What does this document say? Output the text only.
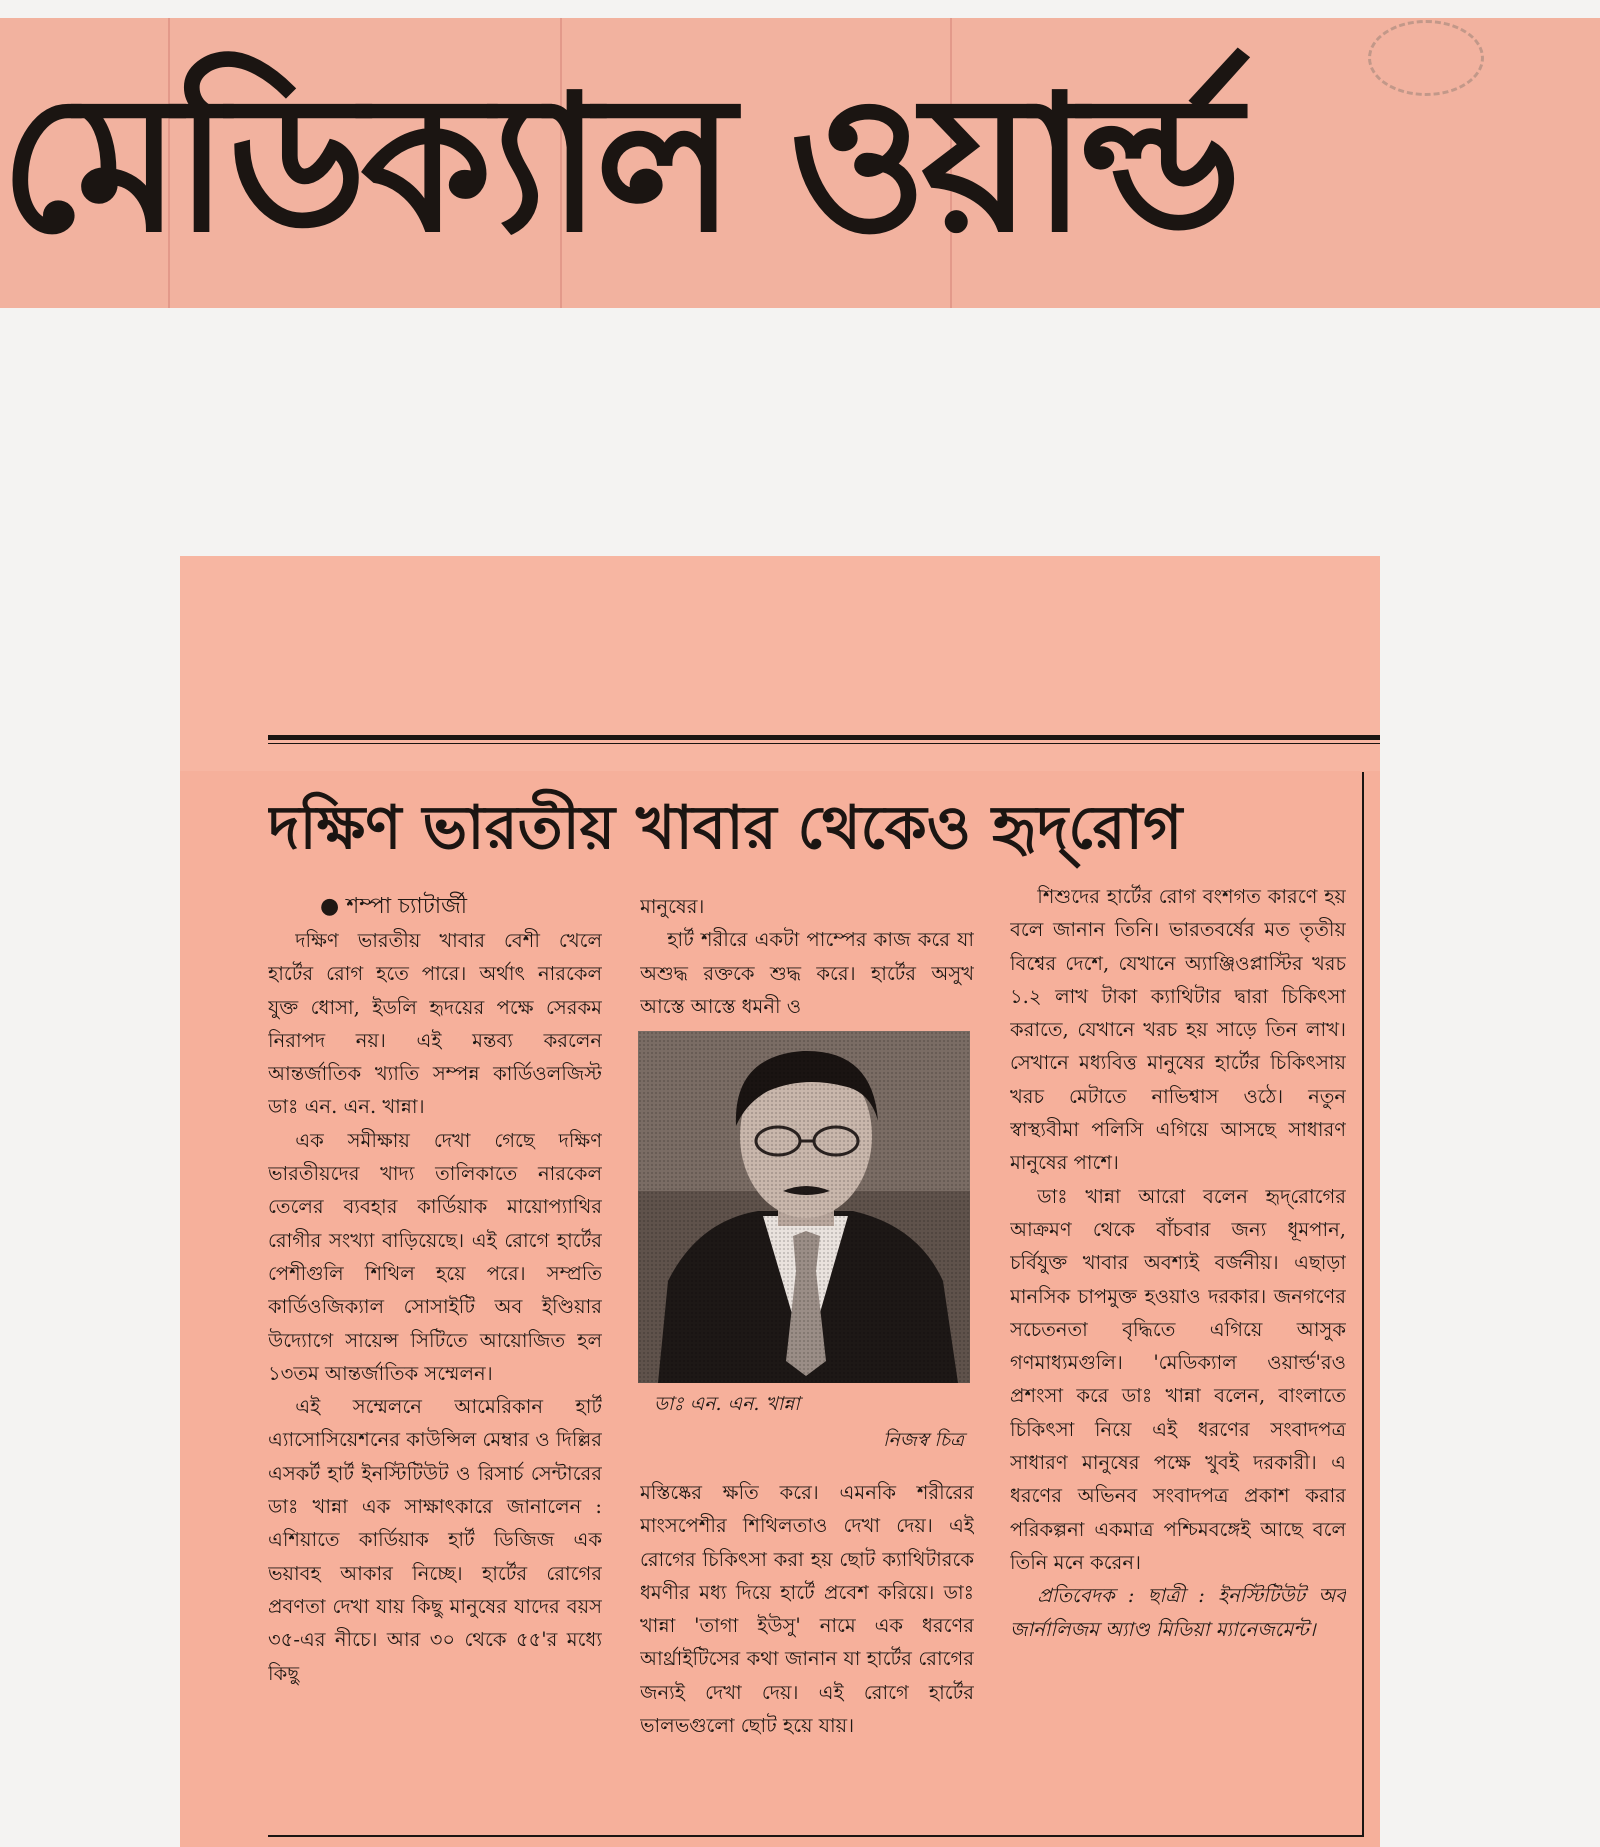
মেডিক্যাল ওয়ার্ল্ড
দক্ষিণ ভারতীয় খাবার থেকেও হৃদ্‌রোগ
● শম্পা চ্যাটার্জী

দক্ষিণ ভারতীয় খাবার বেশী খেলে হার্টের রোগ হতে পারে। অর্থাৎ নারকেল যুক্ত ধোসা, ইডলি হৃদয়ের পক্ষে সেরকম নিরাপদ নয়। এই মন্তব্য করলেন আন্তর্জাতিক খ্যাতি সম্পন্ন কার্ডিওলজিস্ট ডাঃ এন. এন. খান্না।

এক সমীক্ষায় দেখা গেছে দক্ষিণ ভারতীয়দের খাদ্য তালিকাতে নারকেল তেলের ব্যবহার কার্ডিয়াক মায়োপ্যাথির রোগীর সংখ্যা বাড়িয়েছে। এই রোগে হার্টের পেশীগুলি শিথিল হয়ে পরে। সম্প্রতি কার্ডিওজিক্যাল সোসাইটি অব ইণ্ডিয়ার উদ্যোগে সায়েন্স সিটিতে আয়োজিত হল ১৩তম আন্তর্জাতিক সম্মেলন।

এই সম্মেলনে আমেরিকান হার্ট এ্যাসোসিয়েশনের কাউন্সিল মেম্বার ও দিল্লির এসকর্ট হার্ট ইনস্টিটিউট ও রিসার্চ সেন্টারের ডাঃ খান্না এক সাক্ষাৎকারে জানালেন : এশিয়াতে কার্ডিয়াক হার্ট ডিজিজ এক ভয়াবহ আকার নিচ্ছে। হার্টের রোগের প্রবণতা দেখা যায় কিছু মানুষের যাদের বয়স ৩৫-এর নীচে। আর ৩০ থেকে ৫৫'র মধ্যে কিছু

মানুষের।

হার্ট শরীরে একটা পাম্পের কাজ করে যা অশুদ্ধ রক্তকে শুদ্ধ করে। হার্টের অসুখ আস্তে আস্তে ধমনী ও

ডাঃ এন. এন. খান্না
নিজস্ব চিত্র

মস্তিষ্কের ক্ষতি করে। এমনকি শরীরের মাংসপেশীর শিথিলতাও দেখা দেয়। এই রোগের চিকিৎসা করা হয় ছোট ক্যাথিটারকে ধমণীর মধ্য দিয়ে হার্টে প্রবেশ করিয়ে। ডাঃ খান্না 'তাগা ইউসু' নামে এক ধরণের আর্থ্রাইটিসের কথা জানান যা হার্টের রোগের জন্যই দেখা দেয়। এই রোগে হার্টের ভালভগুলো ছোট হয়ে যায়।

শিশুদের হার্টের রোগ বংশগত কারণে হয় বলে জানান তিনি। ভারতবর্ষের মত তৃতীয় বিশ্বের দেশে, যেখানে অ্যাঞ্জিওপ্লাস্টির খরচ ১.২ লাখ টাকা ক্যাথিটার দ্বারা চিকিৎসা করাতে, যেখানে খরচ হয় সাড়ে তিন লাখ। সেখানে মধ্যবিত্ত মানুষের হার্টের চিকিৎসায় খরচ মেটাতে নাভিশ্বাস ওঠে। নতুন স্বাস্থ্যবীমা পলিসি এগিয়ে আসছে সাধারণ মানুষের পাশে।

ডাঃ খান্না আরো বলেন হৃদ্‌রোগের আক্রমণ থেকে বাঁচবার জন্য ধূমপান, চর্বিযুক্ত খাবার অবশ্যই বর্জনীয়। এছাড়া মানসিক চাপমুক্ত হওয়াও দরকার। জনগণের সচেতনতা বৃদ্ধিতে এগিয়ে আসুক গণমাধ্যমগুলি। 'মেডিক্যাল ওয়ার্ল্ড'রও প্রশংসা করে ডাঃ খান্না বলেন, বাংলাতে চিকিৎসা নিয়ে এই ধরণের সংবাদপত্র সাধারণ মানুষের পক্ষে খুবই দরকারী। এ ধরণের অভিনব সংবাদপত্র প্রকাশ করার পরিকল্পনা একমাত্র পশ্চিমবঙ্গেই আছে বলে তিনি মনে করেন।

প্রতিবেদক : ছাত্রী : ইনস্টিটিউট অব জার্নালিজম অ্যাণ্ড মিডিয়া ম্যানেজমেন্ট।
